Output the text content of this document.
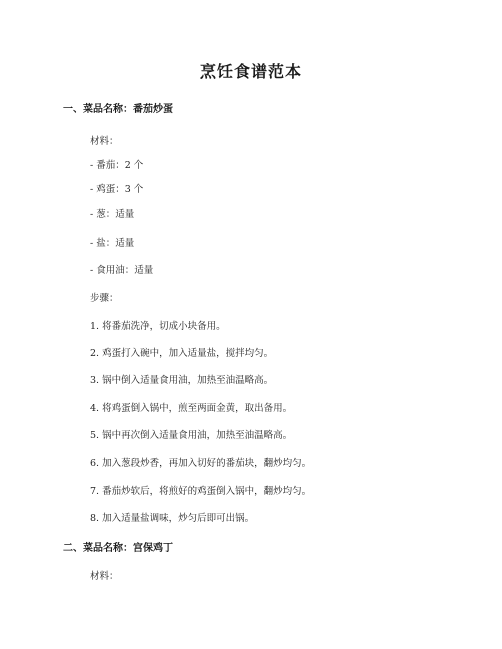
烹饪食谱范本
一、菜品名称：番茄炒蛋
材料：
- 番茄：2 个
- 鸡蛋：3 个
- 葱：适量
- 盐：适量
- 食用油：适量
步骤：
1. 将番茄洗净，切成小块备用。
2. 鸡蛋打入碗中，加入适量盐，搅拌均匀。
3. 锅中倒入适量食用油，加热至油温略高。
4. 将鸡蛋倒入锅中，煎至两面金黄，取出备用。
5. 锅中再次倒入适量食用油，加热至油温略高。
6. 加入葱段炒香，再加入切好的番茄块，翻炒均匀。
7. 番茄炒软后，将煎好的鸡蛋倒入锅中，翻炒均匀。
8. 加入适量盐调味，炒匀后即可出锅。
二、菜品名称：宫保鸡丁
材料：
